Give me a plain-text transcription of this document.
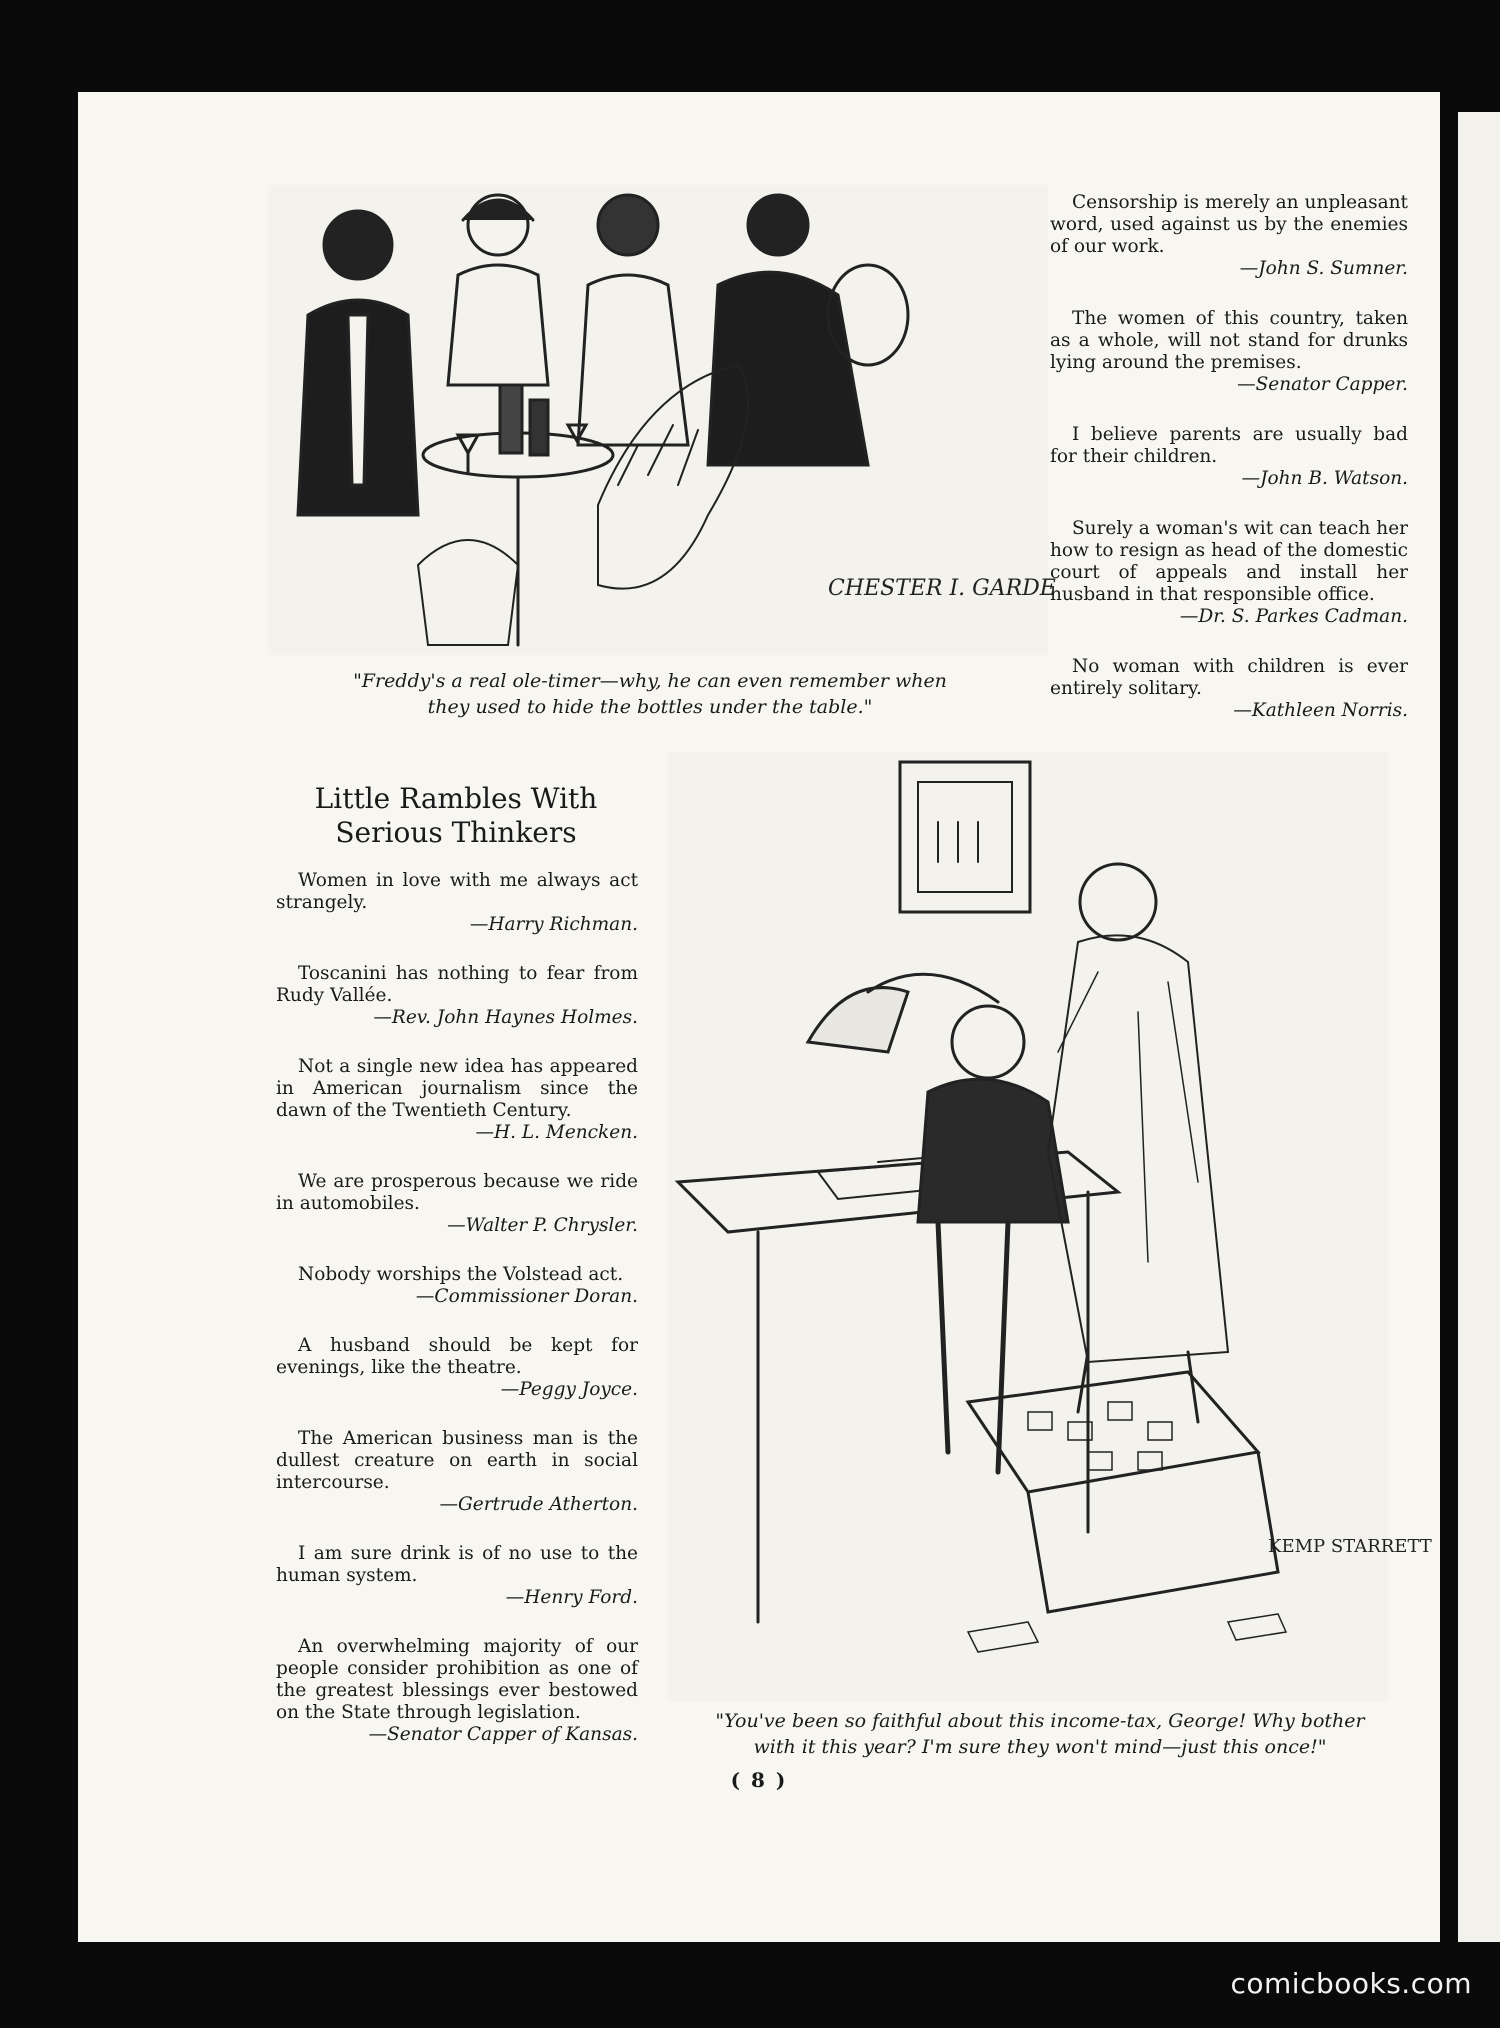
CHESTER I. GARDE
"Freddy's a real ole-timer—why, he can even remember when they used to hide the bottles under the table."
Censorship is merely an unpleasant word, used against us by the enemies of our work.
—John S. Sumner.
The women of this country, taken as a whole, will not stand for drunks lying around the premises.
—Senator Capper.
I believe parents are usually bad for their children.
—John B. Watson.
Surely a woman's wit can teach her how to resign as head of the domestic court of appeals and install her husband in that responsible office.
—Dr. S. Parkes Cadman.
No woman with children is ever entirely solitary.
—Kathleen Norris.
Little Rambles With
Serious Thinkers
Women in love with me always act strangely.
—Harry Richman.
Toscanini has nothing to fear from Rudy Vallée.
—Rev. John Haynes Holmes.
Not a single new idea has appeared in American journalism since the dawn of the Twentieth Century.
—H. L. Mencken.
We are prosperous because we ride in automobiles.
—Walter P. Chrysler.
Nobody worships the Volstead act.
—Commissioner Doran.
A husband should be kept for evenings, like the theatre.
—Peggy Joyce.
The American business man is the dullest creature on earth in social intercourse.
—Gertrude Atherton.
I am sure drink is of no use to the human system.
—Henry Ford.
An overwhelming majority of our people consider prohibition as one of the greatest blessings ever bestowed on the State through legislation.
—Senator Capper of Kansas.
KEMP STARRETT
"You've been so faithful about this income-tax, George! Why bother with it this year? I'm sure they won't mind—just this once!"
( 8 )
comicbooks.com
